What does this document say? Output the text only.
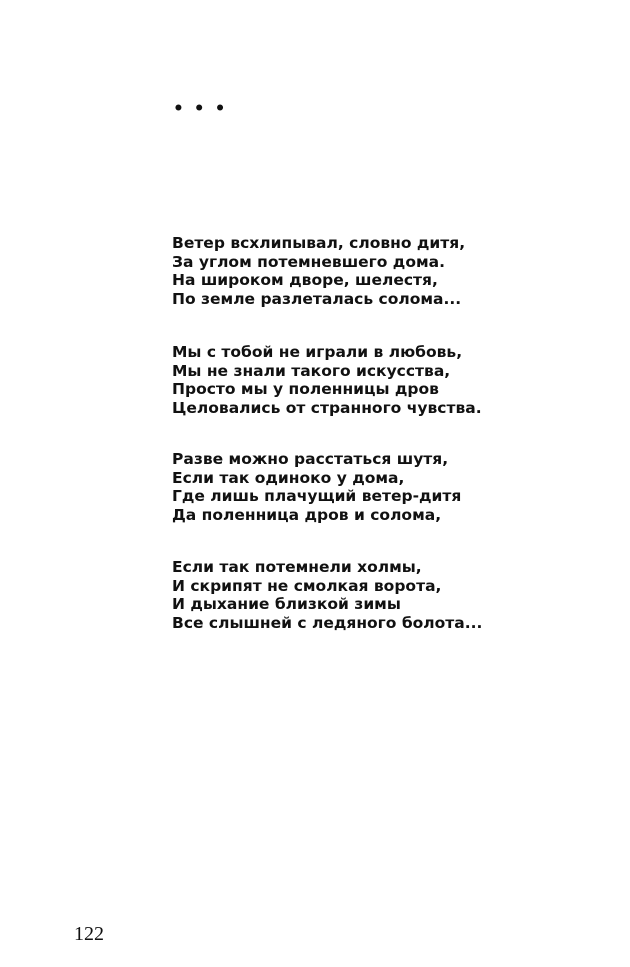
• • •
Ветер всхлипывал, словно дитя,
За углом потемневшего дома.
На широком дворе, шелестя,
По земле разлеталась солома...
Мы с тобой не играли в любовь,
Мы не знали такого искусства,
Просто мы у поленницы дров
Целовались от странного чувства.
Разве можно расстаться шутя,
Если так одиноко у дома,
Где лишь плачущий ветер-дитя
Да поленница дров и солома,
Если так потемнели холмы,
И скрипят не смолкая ворота,
И дыхание близкой зимы
Все слышней с ледяного болота...
122
